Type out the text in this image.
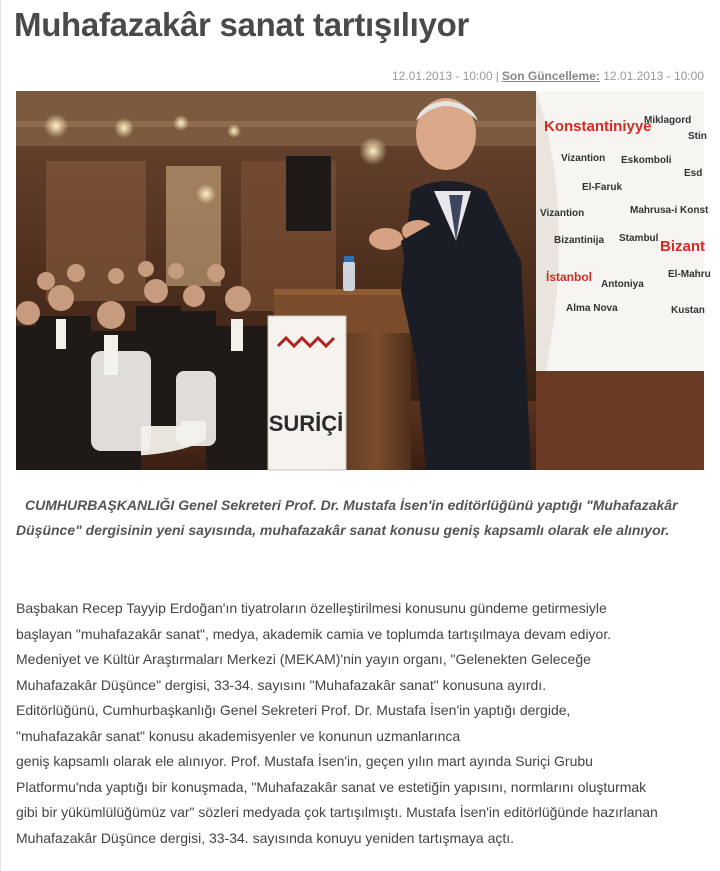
Muhafazakâr sanat tartışılıyor
12.01.2013 - 10:00 | Son Güncelleme: 12.01.2013 - 10:00
SURİÇİ
Konstantiniyye
Miklagord
Stin
Vizantion Eskomboli
Esd
El-Faruk
Vizantion	Mahrusa-i Konst
Bizantinija Stambul Bizant
İstanbol
Antoniya
El-Mahru
Alma Nova	Kustan

CUMHURBAŞKANLIĞI Genel Sekreteri Prof. Dr. Mustafa İsen'in editörlüğünü yaptığı "Muhafazakâr Düşünce" dergisinin yeni sayısında, muhafazakâr sanat konusu geniş kapsamlı olarak ele alınıyor.

Başbakan Recep Tayyip Erdoğan'ın tiyatroların özelleştirilmesi konusunu gündeme getirmesiyle
başlayan "muhafazakâr sanat", medya, akademik camia ve toplumda tartışılmaya devam ediyor.
Medeniyet ve Kültür Araştırmaları Merkezi (MEKAM)'nin yayın organı, "Gelenekten Geleceğe
Muhafazakâr Düşünce" dergisi, 33-34. sayısını "Muhafazakâr sanat" konusuna ayırdı.
Editörlüğünü, Cumhurbaşkanlığı Genel Sekreteri Prof. Dr. Mustafa İsen'in yaptığı dergide,
"muhafazakâr sanat" konusu akademisyenler ve konunun uzmanlarınca
geniş kapsamlı olarak ele alınıyor. Prof. Mustafa İsen'in, geçen yılın mart ayında Suriçi Grubu
Platformu'nda yaptığı bir konuşmada, "Muhafazakâr sanat ve estetiğin yapısını, normlarını oluşturmak
gibi bir yükümlülüğümüz var" sözleri medyada çok tartışılmıştı. Mustafa İsen'in editörlüğünde hazırlanan
Muhafazakâr Düşünce dergisi, 33-34. sayısında konuyu yeniden tartışmaya açtı.
